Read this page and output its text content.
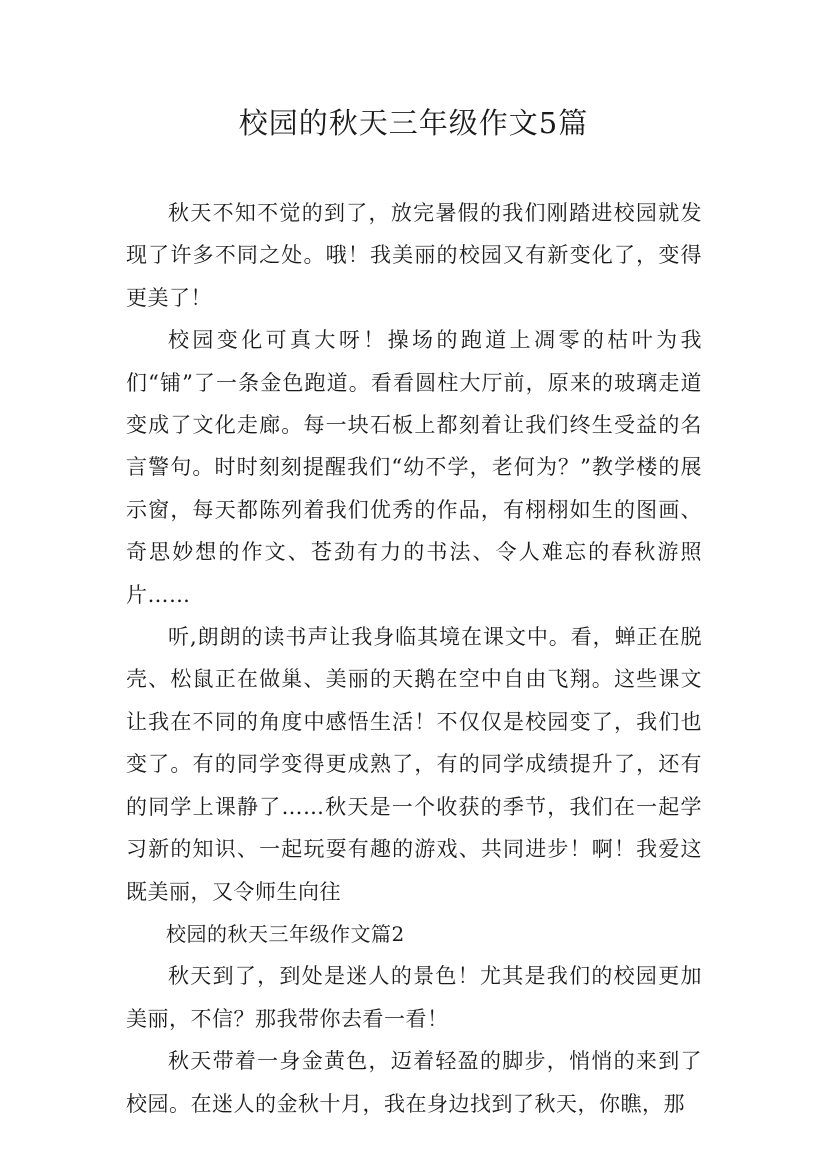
校园的秋天三年级作文5篇

秋天不知不觉的到了，放完暑假的我们刚踏进校园就发现了许多不同之处。哦！我美丽的校园又有新变化了，变得更美了！

校园变化可真大呀！操场的跑道上凋零的枯叶为我们“铺”了一条金色跑道。看看圆柱大厅前，原来的玻璃走道变成了文化走廊。每一块石板上都刻着让我们终生受益的名言警句。时时刻刻提醒我们“幼不学，老何为？”教学楼的展示窗，每天都陈列着我们优秀的作品，有栩栩如生的图画、奇思妙想的作文、苍劲有力的书法、令人难忘的春秋游照片……

听,朗朗的读书声让我身临其境在课文中。看，蝉正在脱壳、松鼠正在做巢、美丽的天鹅在空中自由飞翔。这些课文让我在不同的角度中感悟生活！不仅仅是校园变了，我们也变了。有的同学变得更成熟了，有的同学成绩提升了，还有的同学上课静了……秋天是一个收获的季节，我们在一起学习新的知识、一起玩耍有趣的游戏、共同进步！啊！我爱这既美丽，又令师生向往

校园的秋天三年级作文篇2

秋天到了，到处是迷人的景色！尤其是我们的校园更加美丽，不信？那我带你去看一看！

秋天带着一身金黄色，迈着轻盈的脚步，悄悄的来到了校园。在迷人的金秋十月，我在身边找到了秋天，你瞧，那
